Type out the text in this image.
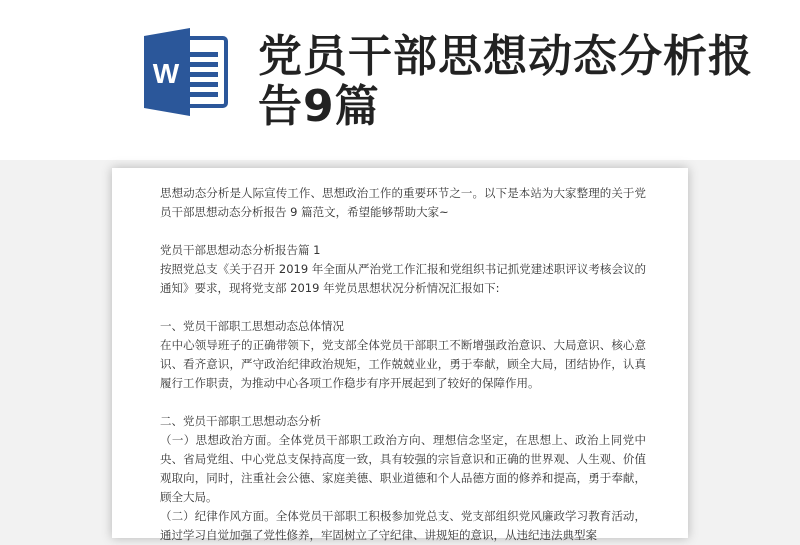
W 党员干部思想动态分析报告9篇

思想动态分析是人际宣传工作、思想政治工作的重要环节之一。以下是本站为大家整理的关于党员干部思想动态分析报告 9 篇范文，希望能够帮助大家~

党员干部思想动态分析报告篇 1

按照党总支《关于召开 2019 年全面从严治党工作汇报和党组织书记抓党建述职评议考核会议的通知》要求，现将党支部 2019 年党员思想状况分析情况汇报如下:

一、党员干部职工思想动态总体情况

在中心领导班子的正确带领下，党支部全体党员干部职工不断增强政治意识、大局意识、核心意识、看齐意识，严守政治纪律政治规矩，工作兢兢业业，勇于奉献，顾全大局，团结协作，认真履行工作职责，为推动中心各项工作稳步有序开展起到了较好的保障作用。

二、党员干部职工思想动态分析

（一）思想政治方面。全体党员干部职工政治方向、理想信念坚定，在思想上、政治上同党中央、省局党组、中心党总支保持高度一致，具有较强的宗旨意识和正确的世界观、人生观、价值观取向，同时，注重社会公德、家庭美德、职业道德和个人品德方面的修养和提高，勇于奉献，顾全大局。

（二）纪律作风方面。全体党员干部职工积极参加党总支、党支部组织党风廉政学习教育活动，通过学习自觉加强了党性修养，牢固树立了守纪律、讲规矩的意识，从违纪违法典型案
